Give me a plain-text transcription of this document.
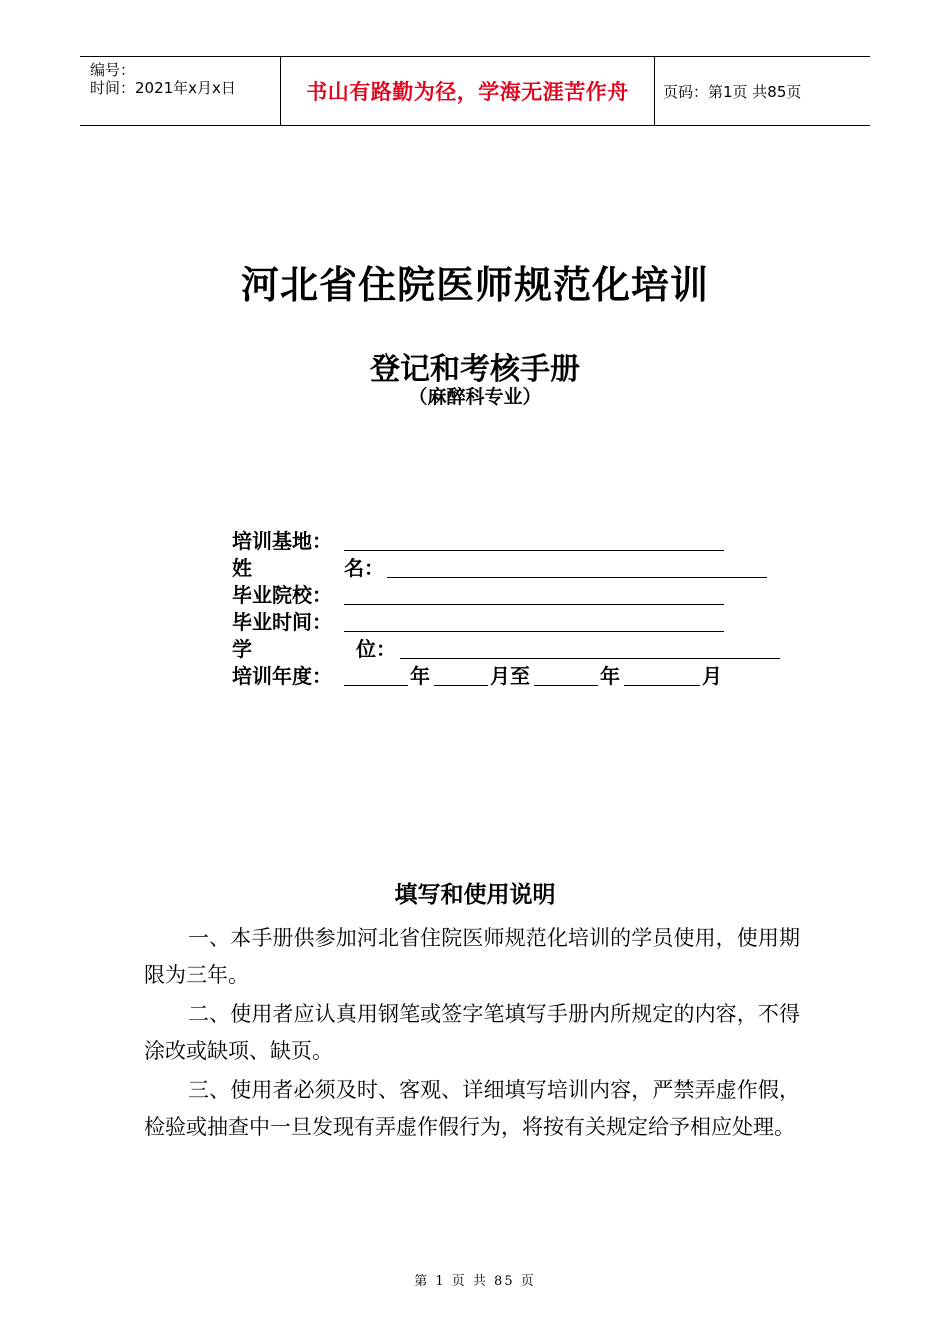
编号：
时间：2021年x月x日	书山有路勤为径，学海无涯苦作舟 页码：第1页 共85页
河北省住院医师规范化培训
登记和考核手册
（麻醉科专业）
培训基地：
姓	名：
毕业院校：
毕业时间：
学	位：
培训年度：	年	月至	年	月
填写和使用说明
一、本手册供参加河北省住院医师规范化培训的学员使用，使用期限为三年。
二、使用者应认真用钢笔或签字笔填写手册内所规定的内容，不得涂改或缺项、缺页。
三、使用者必须及时、客观、详细填写培训内容，严禁弄虚作假，检验或抽查中一旦发现有弄虚作假行为，将按有关规定给予相应处理。
第 1 页 共 85 页
